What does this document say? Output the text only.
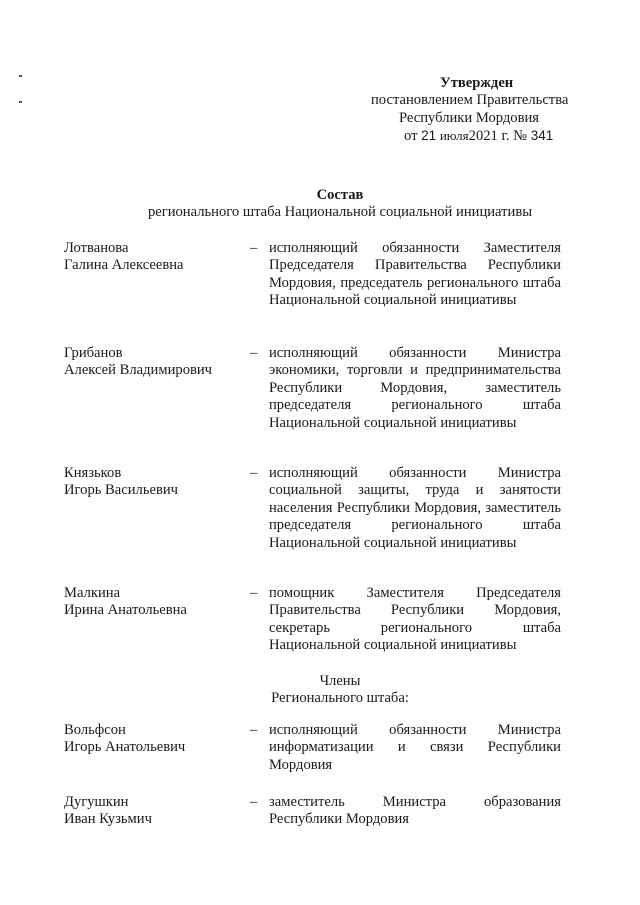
Утвержден
постановлением Правительства
Республики Мордовия
от 21 июля2021 г. № 341
Состав
регионального штаба Национальной социальной инициативы
Лотванова
Галина Алексеевна
– исполняющий обязанности Заместителя Председателя Правительства Республики Мордовия, председатель регионального штаба Национальной социальной инициативы
Грибанов
Алексей Владимирович
– исполняющий обязанности Министра экономики, торговли и предпринимательства Республики Мордовия, заместитель председателя регионального штаба Национальной социальной инициативы
Князьков
Игорь Васильевич
– исполняющий обязанности Министра социальной защиты, труда и занятости населения Республики Мордовия, заместитель председателя регионального штаба Национальной социальной инициативы
Малкина
Ирина Анатольевна
– помощник Заместителя Председателя Правительства Республики Мордовия, секретарь регионального штаба Национальной социальной инициативы
Члены
Регионального штаба:
Вольфсон
Игорь Анатольевич
– исполняющий обязанности Министра информатизации и связи Республики Мордовия
Дугушкин
Иван Кузьмич
– заместитель Министра образования Республики Мордовия
